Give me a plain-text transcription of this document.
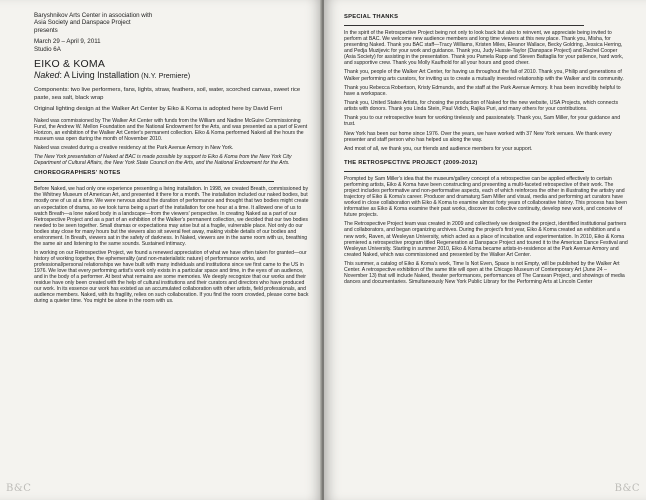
Baryshnikov Arts Center in association with
Asia Society and Danspace Project
presents
March 29 – April 9, 2011
Studio 6A
EIKO & KOMA
Naked: A Living Installation (N.Y. Premiere)

Components: two live performers, fans, lights, straw, feathers, soil, water, scorched canvas, sweet rice paste, sea salt, black wrap

Original lighting design at the Walker Art Center by Eiko & Koma is adopted here by David Ferri

Naked was commissioned by The Walker Art Center with funds from the William and Nadine McGuire Commissioning Fund, the Andrew W. Mellon Foundation and the National Endowment for the Arts, and was presented as a part of Event Horizon, an exhibition of the Walker Art Center's permanent collection. Eiko & Koma performed Naked all the hours the museum was open during the month of November 2010.

Naked was created during a creative residency at the Park Avenue Armory in New York.

The New York presentation of Naked at BAC is made possible by support to Eiko & Koma from the New York City Department of Cultural Affairs, the New York State Council on the Arts, and the National Endowment for the Arts.

CHOREOGRAPHERS' NOTES

Before Naked, we had only one experience presenting a living installation. In 1998, we created Breath, commissioned by the Whitney Museum of American Art, and presented it there for a month. The installation included our naked bodies, but mostly one of us at a time. We were nervous about the duration of performance and thought that two bodies might create an expectation of drama, so we took turns being a part of the installation for one hour at a time. It allowed one of us to watch Breath—a lone naked body in a landscape—from the viewers' perspective. In creating Naked as a part of our Retrospective Project and as a part of an exhibition of the Walker's permanent collection, we decided that our two bodies needed to be seen together. Small dramas or expectations may arise but at a fragile, vulnerable place. Not only do our bodies stay close for many hours but the viewers also sit several feet away, making visible details of our bodies and environment. In Breath, viewers sat in the safety of darkness. In Naked, viewers are in the same room with us, breathing the same air and listening to the same sounds. Sustained intimacy.

In working on our Retrospective Project, we found a renewed appreciation of what we have often taken for granted—our history of working together, the ephemerality (and non-materialistic nature) of performance works, and professional/personal relationships we have built with many individuals and institutions since we first came to the US in 1976. We love that every performing artist's work only exists in a particular space and time, in the eyes of an audience, and in the body of a performer. At best what remains are some memories. We deeply recognize that our works and their residue have only been created with the help of cultural institutions and their curators and directors who have produced our work. In its essence our work has existed as an accumulated collaboration with other artists, field professionals, and audience members. Naked, with its fragility, relies on such collaboration. If you find the room crowded, please come back during a quieter time. You might be alone in the room with us.

B&C
SPECIAL THANKS

In the spirit of the Retrospective Project being not only to look back but also to reinvent, we appreciate being invited to perform at BAC. We welcome new audience members and long time viewers at this new place. Thank you, Misha, for presenting Naked. Thank you BAC staff—Tracy Williams, Kristen Miles, Eleanor Wallace, Becky Goldring, Jessica Herring, and Pedja Muzijevic for your work and guidance. Thank you, Judy Hussie-Taylor (Danspace Project) and Rachel Cooper (Asia Society) for assisting in the presentation. Thank you Pamela Rapp and Steven Battaglia for your patience, hard work, and supportive crew. Thank you Molly Kaufhold for all your hours and good cheer.

Thank you, people of the Walker Art Center, for having us throughout the fall of 2010. Thank you, Philip and generations of Walker performing arts curators, for inviting us to create a mutually invested relationship with the Walker and its community.

Thank you Rebecca Robertson, Kristy Edmunds, and the staff at the Park Avenue Armory. It has been incredibly helpful to have a workspace.

Thank you, United States Artists, for chosing the production of Naked for the new website, USA Projects, which connects artists with donors. Thank you Linda Stein, Paul Vidich, Rajika Puri, and many others for your contributions.

Thank you to our retrospective team for working tirelessly and passionately. Thank you, Sam Miller, for your guidance and trust.

New York has been our home since 1976. Over the years, we have worked with 37 New York venues. We thank every presenter and staff person who has helped us along the way.

And most of all, we thank you, our friends and audience members for your support.

THE RETROSPECTIVE PROJECT (2009-2012)

Prompted by Sam Miller's idea that the museum/gallery concept of a retrospective can be applied effectively to certain performing artists, Eiko & Koma have been constructing and presenting a multi-faceted retrospective of their work. The project includes performative and non-performative aspects, each of which reinforces the other in illustrating the artistry and trajectory of Eiko & Koma's career. Producer and dramaturg Sam Miller and visual, media and performing art curators have worked in close collaboration with Eiko & Koma to examine almost forty years of collaborative history. This process has been informative as Eiko & Koma examine their past works, discover its collective continuity, develop new work, and conceive of future projects.

The Retrospective Project team was created in 2009 and collectively we designed the project, identified institutional partners and collaborators, and began organizing archives. During the project's first year, Eiko & Koma created an exhibition and a new work, Raven, at Wesleyan University, which acted as a place of incubation and experimentation. In 2010, Eiko & Koma premiered a retrospective program titled Regeneration at Danspace Project and toured it to the American Dance Festival and Wesleyan University. Starting in summer 2010, Eiko & Koma became artists-in-residence at the Park Avenue Armory and created Naked, which was commissioned and presented by the Walker Art Center.

This summer, a catalog of Eiko & Koma's work, Time Is Not Even, Space is not Empty, will be published by the Walker Art Center. A retrospective exhibition of the same title will open at the Chicago Museum of Contemporary Art (June 24 – November 13) that will include Naked, theater performances, performances of The Caravan Project, and showings of media dances and documentaries. Simultaneously New York Public Library for the Performing Arts at Lincoln Center

B&C
